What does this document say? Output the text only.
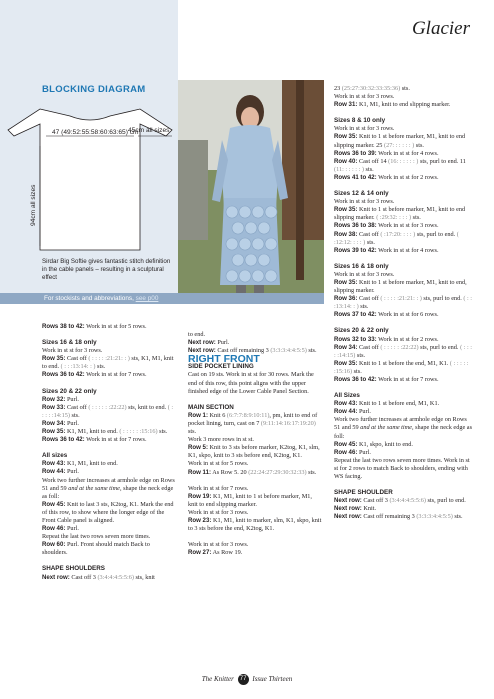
Glacier
BLOCKING DIAGRAM
47 (49:52:55:58:60:63:65) cm
45cm all sizes
94cm all sizes
Sirdar Big Softie gives fantastic stitch definition in the cable panels – resulting in a sculptural effect
For stockists and abbreviations, see p00

Rows 38 to 42: Work in st st for 5 rows.

Sizes 16 & 18 only

Work in st st for 3 rows.

Row 35: Cast off ( : : : : :21:21: : ) sts, K1, M1, knit to end. ( : : :13:14: : ) sts.

Rows 36 to 42: Work in st st for 7 rows.

Sizes 20 & 22 only

Row 32: Purl.

Row 33: Cast off ( : : : : : :22:22) sts, knit to end. ( : : : : :14:15) sts.

Row 34: Purl.

Row 35: K1, M1, knit to end. ( : : : : : :15:16) sts.

Rows 36 to 42: Work in st st for 7 rows.

All sizes

Row 43: K1, M1, knit to end.

Row 44: Purl.

Work two further increases at armhole edge on Rows 51 and 59 and at the same time, shape the neck edge as foll:

Row 45: Knit to last 3 sts, K2tog, K1. Mark the end of this row, to show where the longer edge of the Front Cable panel is aligned.

Row 46: Purl.

Repeat the last two rows seven more times.

Row 60: Purl. Front should match Back to shoulders.

SHAPE SHOULDERS

Next row: Cast off 3 (3:4:4:4:5:5:6) sts, knit

to end.

Next row: Purl.

Next row: Cast off remaining 3 (3:3:3:4:4:5:5) sts.

RIGHT FRONT

SIDE POCKET LINING

Cast on 19 sts. Work in st st for 30 rows. Mark the end of this row, this point aligns with the upper finished edge of the Lower Cable Panel Section.

MAIN SECTION

Row 1: Knit 6 (6:7:7:8:9:10:11), pm, knit to end of pocket lining, turn, cast on 7 (9:11:14:16:17:19:20) sts.

Work 3 more rows in st st.

Row 5: Knit to 3 sts before marker, K2tog, K1, slm, K1, skpo, knit to 3 sts before end, K2tog, K1.

Work in st st for 5 rows.

Row 11: As Row 5. 20 (22:24:27:29:30:32:33) sts.

Work in st st for 7 rows.

Row 19: K1, M1, knit to 1 st before marker, M1, knit to end slipping marker.

Work in st st for 3 rows.

Row 23: K1, M1, knit to marker, slm, K1, skpo, knit to 3 sts before the end, K2tog, K1.

Work in st st for 3 rows.

Row 27: As Row 19.

23 (25:27:30:32:33:35:36) sts.

Work in st st for 3 rows.

Row 31: K1, M1, knit to end slipping marker.

Sizes 8 & 10 only

Work in st st for 3 rows.

Row 35: Knit to 1 st before marker, M1, knit to end slipping marker. 25 (27: : : : : : ) sts.

Rows 36 to 39: Work in st st for 4 rows.

Row 40: Cast off 14 (16: : : : : : ) sts, purl to end. 11 (11: : : : : : ) sts.

Rows 41 to 42: Work in st st for 2 rows.

Sizes 12 & 14 only

Work in st st for 3 rows.

Row 35: Knit to 1 st before marker, M1, knit to end slipping marker. ( :29:32: : : : ) sts.

Rows 36 to 38: Work in st st for 3 rows.

Row 38: Cast off ( :17:20: : : : ) sts, purl to end. ( :12:12: : : : ) sts.

Rows 39 to 42: Work in st st for 4 rows.

Sizes 16 & 18 only

Work in st st for 3 rows.

Row 35: Knit to 1 st before marker, M1, knit to end, slipping marker.

Row 36: Cast off ( : : : : :21:21: : ) sts, purl to end. ( : : :13:14: : ) sts.

Rows 37 to 42: Work in st st for 6 rows.

Sizes 20 & 22 only

Rows 32 to 33: Work in st st for 2 rows.

Row 34: Cast off ( : : : : : :22:22) sts, purl to end. ( : : : : :14:15) sts.

Row 35: Knit to 1 st before the end, M1, K1. ( : : : : : :15:16) sts.

Rows 36 to 42: Work in st st for 7 rows.

All Sizes

Row 43: Knit to 1 st before end, M1, K1.

Row 44: Purl.

Work two further increases at armhole edge on Rows 51 and 59 and at the same time, shape the neck edge as foll:

Row 45: K1, skpo, knit to end.

Row 46: Purl.

Repeat the last two rows seven more times. Work in st st for 2 rows to match Back to shoulders, ending with WS facing.

SHAPE SHOULDER

Next row: Cast off 3 (3:4:4:4:5:5:6) sts, purl to end.

Next row: Knit.

Next row: Cast off remaining 3 (3:3:3:4:4:5:5) sts.

The Knitter 77 Issue Thirteen
